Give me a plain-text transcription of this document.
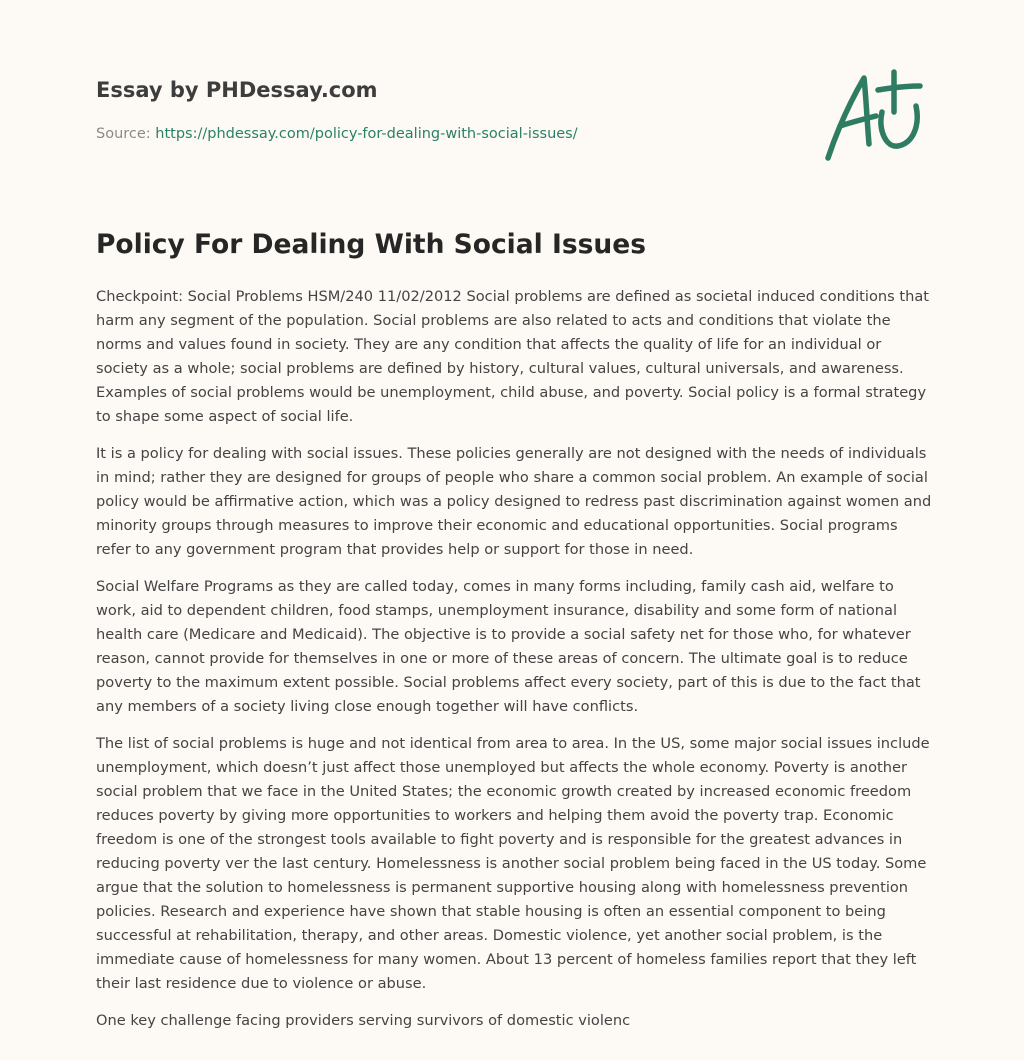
Essay by PHDessay.com
Source: https://phdessay.com/policy-for-dealing-with-social-issues/
Policy For Dealing With Social Issues

Checkpoint: Social Problems HSM/240 11/02/2012 Social problems are defined as societal induced conditions that harm any segment of the population. Social problems are also related to acts and conditions that violate the norms and values found in society. They are any condition that affects the quality of life for an individual or society as a whole; social problems are defined by history, cultural values, cultural universals, and awareness. Examples of social problems would be unemployment, child abuse, and poverty. Social policy is a formal strategy to shape some aspect of social life.

It is a policy for dealing with social issues. These policies generally are not designed with the needs of individuals in mind; rather they are designed for groups of people who share a common social problem. An example of social policy would be affirmative action, which was a policy designed to redress past discrimination against women and minority groups through measures to improve their economic and educational opportunities. Social programs refer to any government program that provides help or support for those in need.

Social Welfare Programs as they are called today, comes in many forms including, family cash aid, welfare to work, aid to dependent children, food stamps, unemployment insurance, disability and some form of national health care (Medicare and Medicaid). The objective is to provide a social safety net for those who, for whatever reason, cannot provide for themselves in one or more of these areas of concern. The ultimate goal is to reduce poverty to the maximum extent possible. Social problems affect every society, part of this is due to the fact that any members of a society living close enough together will have conflicts.

The list of social problems is huge and not identical from area to area. In the US, some major social issues include unemployment, which doesn’t just affect those unemployed but affects the whole economy. Poverty is another social problem that we face in the United States; the economic growth created by increased economic freedom reduces poverty by giving more opportunities to workers and helping them avoid the poverty trap. Economic freedom is one of the strongest tools available to fight poverty and is responsible for the greatest advances in reducing poverty ver the last century. Homelessness is another social problem being faced in the US today. Some argue that the solution to homelessness is permanent supportive housing along with homelessness prevention policies. Research and experience have shown that stable housing is often an essential component to being successful at rehabilitation, therapy, and other areas. Domestic violence, yet another social problem, is the immediate cause of homelessness for many women. About 13 percent of homeless families report that they left their last residence due to violence or abuse.

One key challenge facing providers serving survivors of domestic violenc
